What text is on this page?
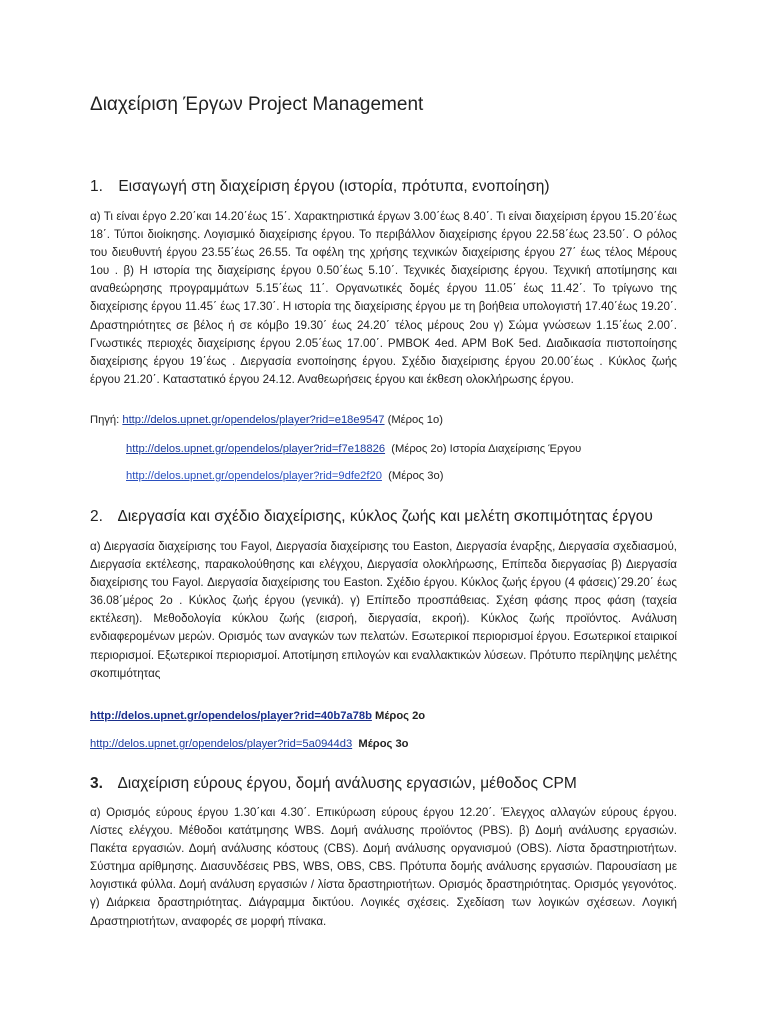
Διαχείριση Έργων Project Management
1. Εισαγωγή στη διαχείριση έργου (ιστορία, πρότυπα, ενοποίηση)

α) Τι είναι έργο 2.20΄και 14.20΄έως 15΄. Χαρακτηριστικά έργων 3.00΄έως 8.40΄. Τι είναι διαχείριση έργου 15.20΄έως 18΄. Τύποι διοίκησης. Λογισμικό διαχείρισης έργου. Το περιβάλλον διαχείρισης έργου 22.58΄έως 23.50΄. Ο ρόλος του διευθυντή έργου 23.55΄έως 26.55. Τα οφέλη της χρήσης τεχνικών διαχείρισης έργου 27΄ έως τέλος Μέρους 1ου . β) Η ιστορία της διαχείρισης έργου 0.50΄έως 5.10΄. Τεχνικές διαχείρισης έργου. Τεχνική αποτίμησης και αναθεώρησης προγραμμάτων 5.15΄έως 11΄. Οργανωτικές δομές έργου 11.05΄ έως 11.42΄. Το τρίγωνο της διαχείρισης έργου 11.45΄ έως 17.30΄. Η ιστορία της διαχείρισης έργου με τη βοήθεια υπολογιστή 17.40΄έως 19.20΄. Δραστηριότητες σε βέλος ή σε κόμβο 19.30΄ έως 24.20΄ τέλος μέρους 2ου γ) Σώμα γνώσεων 1.15΄έως 2.00΄. Γνωστικές περιοχές διαχείρισης έργου 2.05΄έως 17.00΄. PMBOK 4ed. APM BoK 5ed. Διαδικασία πιστοποίησης διαχείρισης έργου 19΄έως . Διεργασία ενοποίησης έργου. Σχέδιο διαχείρισης έργου 20.00΄έως . Κύκλος ζωής έργου 21.20΄. Καταστατικό έργου 24.12. Αναθεωρήσεις έργου και έκθεση ολοκλήρωσης έργου.

Πηγή: http://delos.upnet.gr/opendelos/player?rid=e18e9547 (Μέρος 1ο)
http://delos.upnet.gr/opendelos/player?rid=f7e18826 (Μέρος 2ο) Ιστορία Διαχείρισης Έργου
http://delos.upnet.gr/opendelos/player?rid=9dfe2f20 (Μέρος 3ο)
2. Διεργασία και σχέδιο διαχείρισης, κύκλος ζωής και μελέτη σκοπιμότητας έργου

α) Διεργασία διαχείρισης του Fayol, Διεργασία διαχείρισης του Easton, Διεργασία έναρξης, Διεργασία σχεδιασμού, Διεργασία εκτέλεσης, παρακολούθησης και ελέγχου, Διεργασία ολοκλήρωσης, Επίπεδα διεργασίας β) Διεργασία διαχείρισης του Fayol. Διεργασία διαχείρισης του Easton. Σχέδιο έργου. Κύκλος ζωής έργου (4 φάσεις)΄29.20΄ έως 36.08΄μέρος 2ο . Κύκλος ζωής έργου (γενικά). γ) Επίπεδο προσπάθειας. Σχέση φάσης προς φάση (ταχεία εκτέλεση). Μεθοδολογία κύκλου ζωής (εισροή, διεργασία, εκροή). Κύκλος ζωής προϊόντος. Ανάλυση ενδιαφερομένων μερών. Ορισμός των αναγκών των πελατών. Εσωτερικοί περιορισμοί έργου. Εσωτερικοί εταιρικοί περιορισμοί. Εξωτερικοί περιορισμοί. Αποτίμηση επιλογών και εναλλακτικών λύσεων. Πρότυπο περίληψης μελέτης σκοπιμότητας

http://delos.upnet.gr/opendelos/player?rid=40b7a78b Μέρος 2ο
http://delos.upnet.gr/opendelos/player?rid=5a0944d3 Μέρος 3ο
3. Διαχείριση εύρους έργου, δομή ανάλυσης εργασιών, μέθοδος CPM

α) Ορισμός εύρους έργου 1.30΄και 4.30΄. Επικύρωση εύρους έργου 12.20΄. Έλεγχος αλλαγών εύρους έργου. Λίστες ελέγχου. Μέθοδοι κατάτμησης WBS. Δομή ανάλυσης προϊόντος (PBS). β) Δομή ανάλυσης εργασιών. Πακέτα εργασιών. Δομή ανάλυσης κόστους (CBS). Δομή ανάλυσης οργανισμού (OBS). Λίστα δραστηριοτήτων. Σύστημα αρίθμησης. Διασυνδέσεις PBS, WBS, OBS, CBS. Πρότυπα δομής ανάλυσης εργασιών. Παρουσίαση με λογιστικά φύλλα. Δομή ανάλυση εργασιών / λίστα δραστηριοτήτων. Ορισμός δραστηριότητας. Ορισμός γεγονότος. γ) Διάρκεια δραστηριότητας. Διάγραμμα δικτύου. Λογικές σχέσεις. Σχεδίαση των λογικών σχέσεων. Λογική Δραστηριοτήτων, αναφορές σε μορφή πίνακα.
